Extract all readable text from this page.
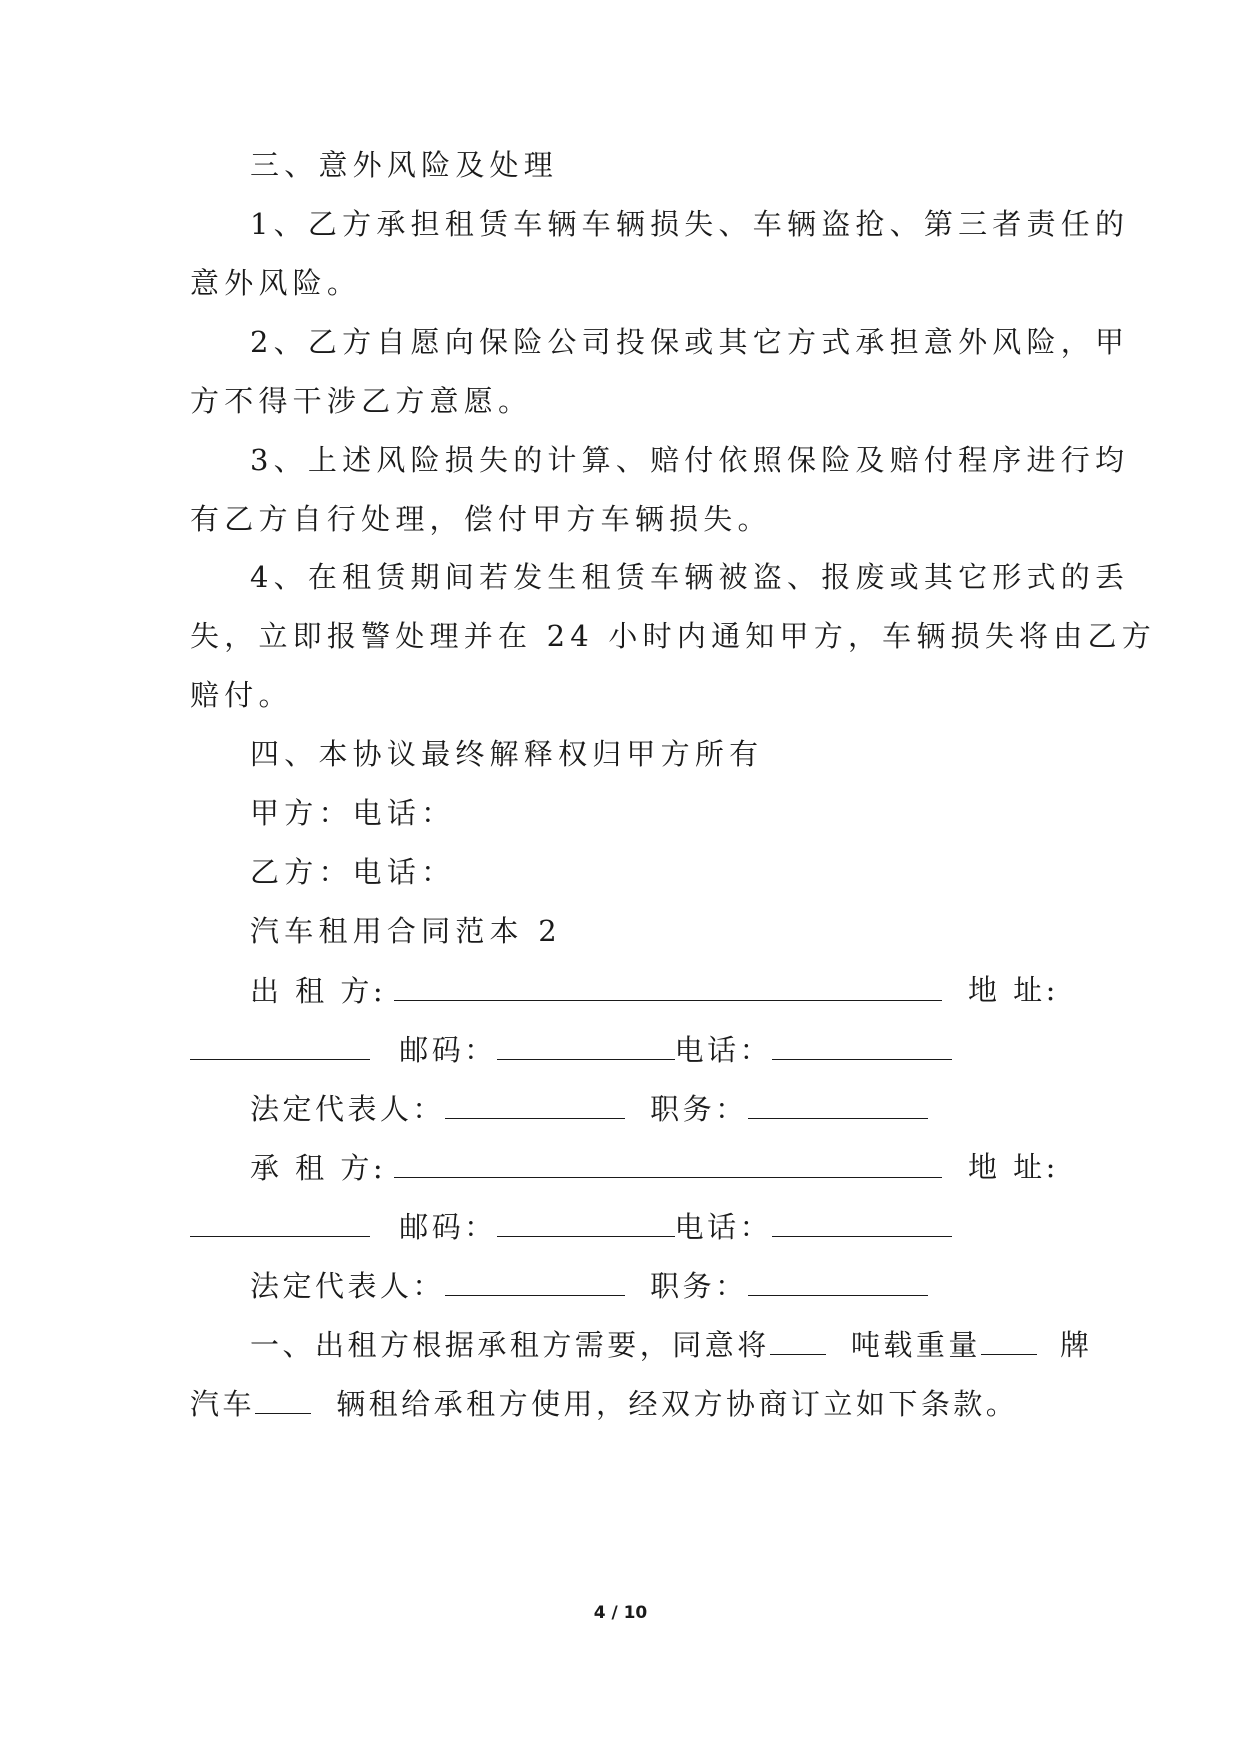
三、意外风险及处理
1、乙方承担租赁车辆车辆损失、车辆盗抢、第三者责任的
意外风险。
2、乙方自愿向保险公司投保或其它方式承担意外风险，甲
方不得干涉乙方意愿。
3、上述风险损失的计算、赔付依照保险及赔付程序进行均
有乙方自行处理，偿付甲方车辆损失。
4、在租赁期间若发生租赁车辆被盗、报废或其它形式的丢
失，立即报警处理并在 24 小时内通知甲方，车辆损失将由乙方
赔付。
四、本协议最终解释权归甲方所有
甲方：电话：
乙方：电话：
汽车租用合同范本 2
出 租 方:	地 址:
邮码：	电话：
法定代表人：	职务：
承 租 方:	地 址:
邮码：	电话：
法定代表人：	职务：
一、出租方根据承租方需要，同意将	吨载重量	牌
汽车	辆租给承租方使用，经双方协商订立如下条款。
4 / 10
